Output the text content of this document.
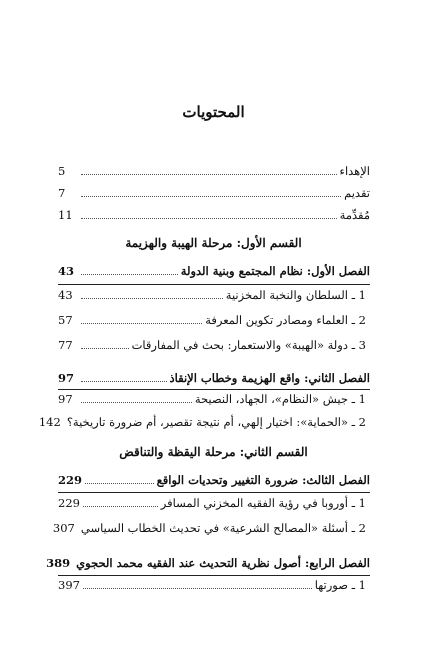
المحتويات
الإهداء
5
تقديم
7
مُقدِّمة
11
القسم الأول: مرحلة الهيبة والهزيمة
الفصل الأول: نظام المجتمع وبنية الدولة
43
1 ـ السلطان والنخبة المخزنية
43
2 ـ العلماء ومصادر تكوين المعرفة
57
3 ـ دولة «الهيبة» والاستعمار: بحث في المفارقات
77
الفصل الثاني: واقع الهزيمة وخطاب الإنقاذ
97
1 ـ جيش «النظام»، الجهاد، النصيحة
97
2 ـ «الحماية»: اختيار إلهي، أم نتيجة تقصير، أم ضرورة تاريخية؟
142
القسم الثاني: مرحلة اليقظة والتناقض
الفصل الثالث: ضرورة التغيير وتحديات الواقع
229
1 ـ أوروبا في رؤية الفقيه المخزني المسافر
229
2 ـ أسئلة «المصالح الشرعية» في تحديث الخطاب السياسي
307
الفصل الرابع: أصول نظرية التحديث عند الفقيه محمد الحجوي
389
1 ـ صورتها
397
